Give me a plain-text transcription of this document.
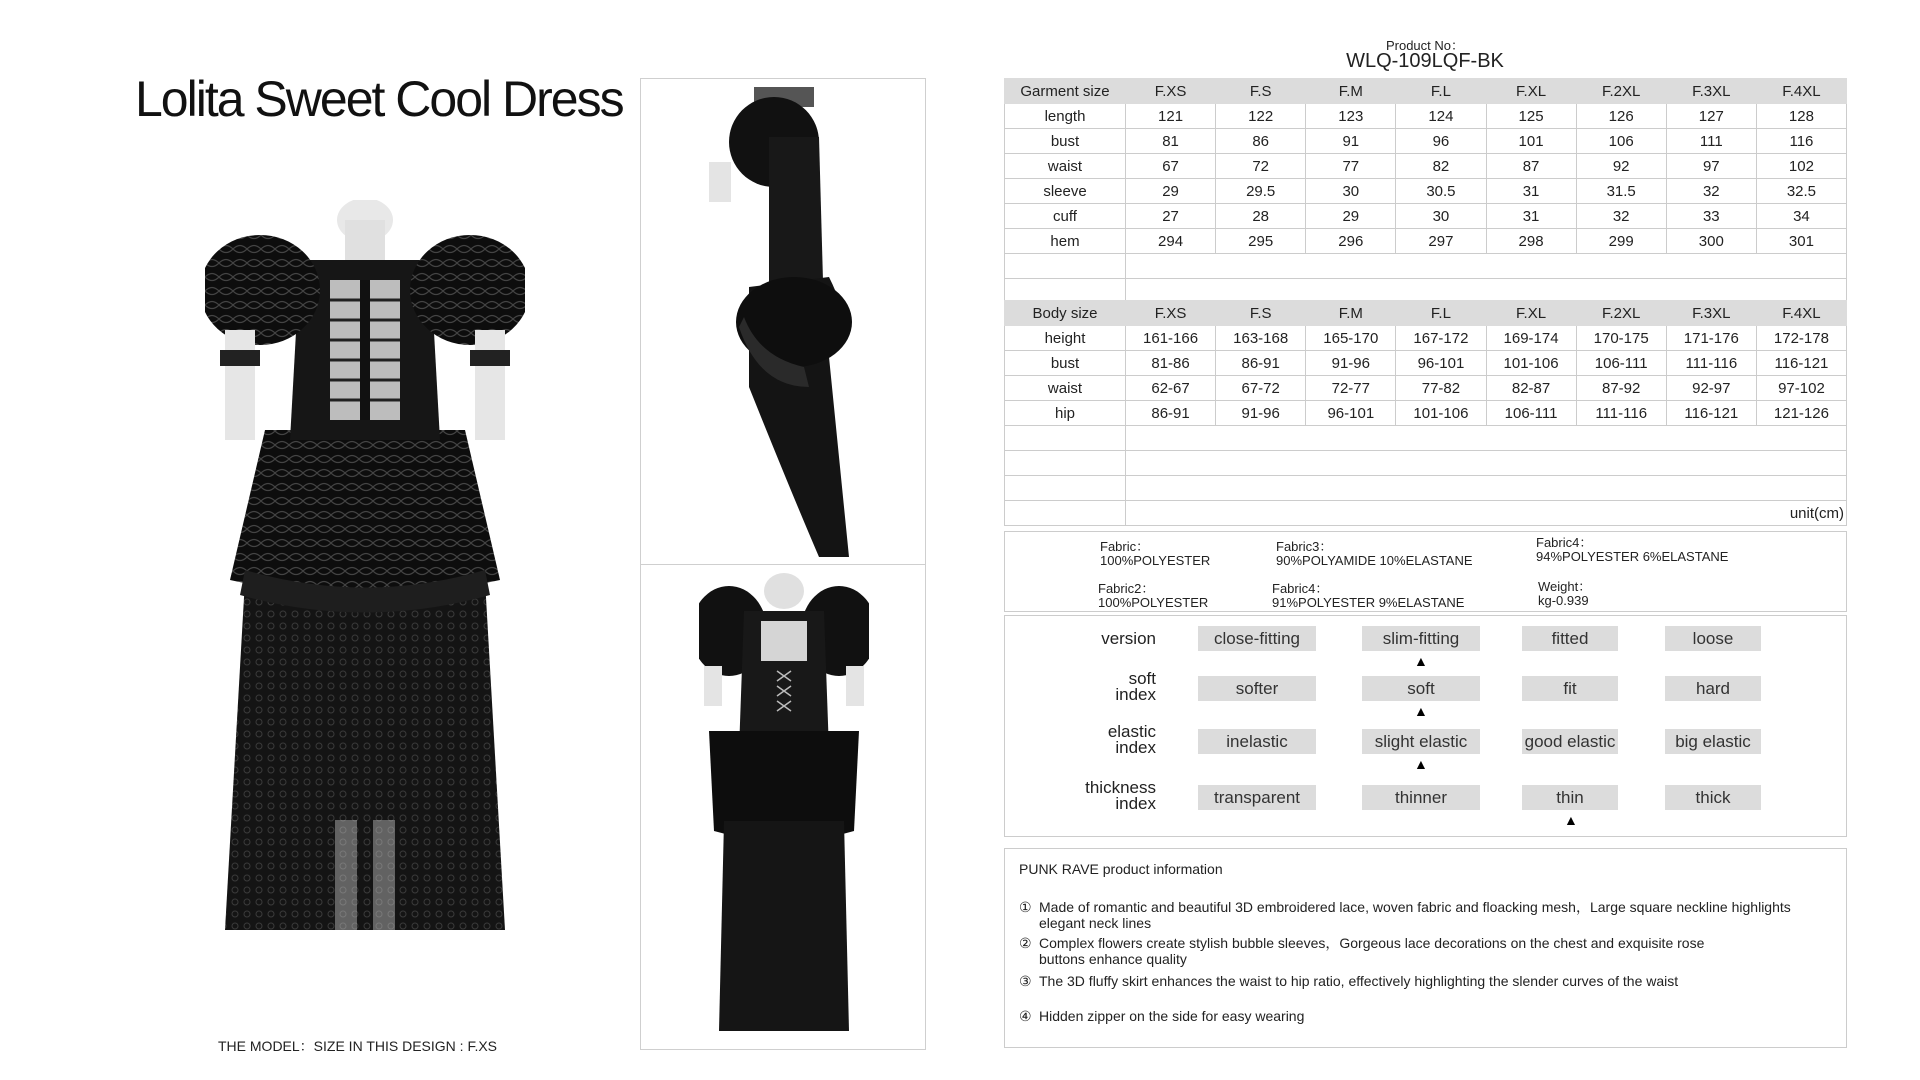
Lolita Sweet Cool Dress
THE MODEL：SIZE IN THIS DESIGN : F.XS
Product No：
WLQ-109LQF-BK
Garment size	F.XS	F.S	F.M	F.L	F.XL	F.2XL	F.3XL	F.4XL
length	121	122	123	124	125	126	127	128
bust	81	86	91	96	101	106	111	116
waist	67	72	77	82	87	92	97	102
sleeve	29	29.5	30	30.5	31	31.5	32	32.5
cuff	27	28	29	30	31	32	33	34
hem	294	295	296	297	298	299	300	301

Body size	F.XS	F.S	F.M	F.L	F.XL	F.2XL	F.3XL	F.4XL
height	161-166	163-168	165-170	167-172	169-174	170-175	171-176	172-178
bust	81-86	86-91	91-96	96-101	101-106	106-111	111-116	116-121
waist	62-67	67-72	72-77	77-82	82-87	87-92	92-97	97-102
hip	86-91	91-96	96-101	101-106	106-111	111-116	116-121	121-126

	unit(cm)							
Fabric：
100%POLYESTER
Fabric2：
100%POLYESTER
Fabric3：
90%POLYAMIDE 10%ELASTANE
Fabric4：
91%POLYESTER 9%ELASTANE
Fabric4：
94%POLYESTER 6%ELASTANE
Weight：
kg-0.939
version	close-fitting	slim-fitting	fitted	loose
▲
soft
index	softer	soft	fit	hard
▲
elastic
index	inelastic	slight elastic	good elastic	big elastic
▲
thickness
index	transparent	thinner	thin	thick
▲
PUNK RAVE product information
① Made of romantic and beautiful 3D embroidered lace, woven fabric and floacking mesh，Large square neckline highlights elegant neck lines
② Complex flowers create stylish bubble sleeves，Gorgeous lace decorations on the chest and exquisite rose buttons enhance quality
③ The 3D fluffy skirt enhances the waist to hip ratio, effectively highlighting the slender curves of the waist
④ Hidden zipper on the side for easy wearing
